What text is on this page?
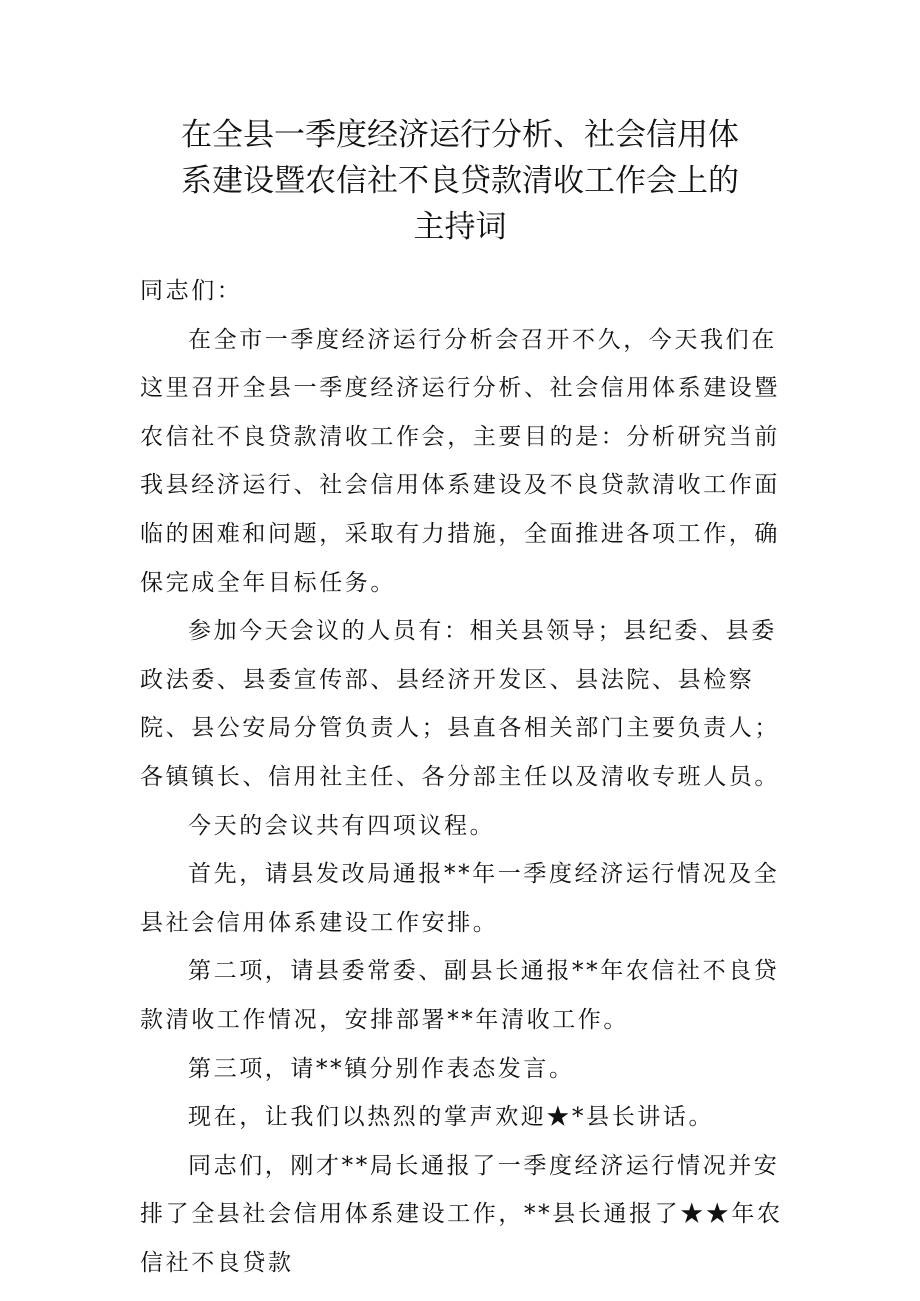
在全县一季度经济运行分析、社会信用体
系建设暨农信社不良贷款清收工作会上的
主持词

同志们：

在全市一季度经济运行分析会召开不久，今天我们在这里召开全县一季度经济运行分析、社会信用体系建设暨农信社不良贷款清收工作会，主要目的是：分析研究当前我县经济运行、社会信用体系建设及不良贷款清收工作面临的困难和问题，采取有力措施，全面推进各项工作，确保完成全年目标任务。

参加今天会议的人员有：相关县领导；县纪委、县委政法委、县委宣传部、县经济开发区、县法院、县检察院、县公安局分管负责人；县直各相关部门主要负责人；各镇镇长、信用社主任、各分部主任以及清收专班人员。

今天的会议共有四项议程。

首先，请县发改局通报**年一季度经济运行情况及全县社会信用体系建设工作安排。

第二项，请县委常委、副县长通报**年农信社不良贷款清收工作情况，安排部署**年清收工作。

第三项，请**镇分别作表态发言。

现在，让我们以热烈的掌声欢迎★*县长讲话。

同志们，刚才**局长通报了一季度经济运行情况并安排了全县社会信用体系建设工作，**县长通报了★★年农信社不良贷款
